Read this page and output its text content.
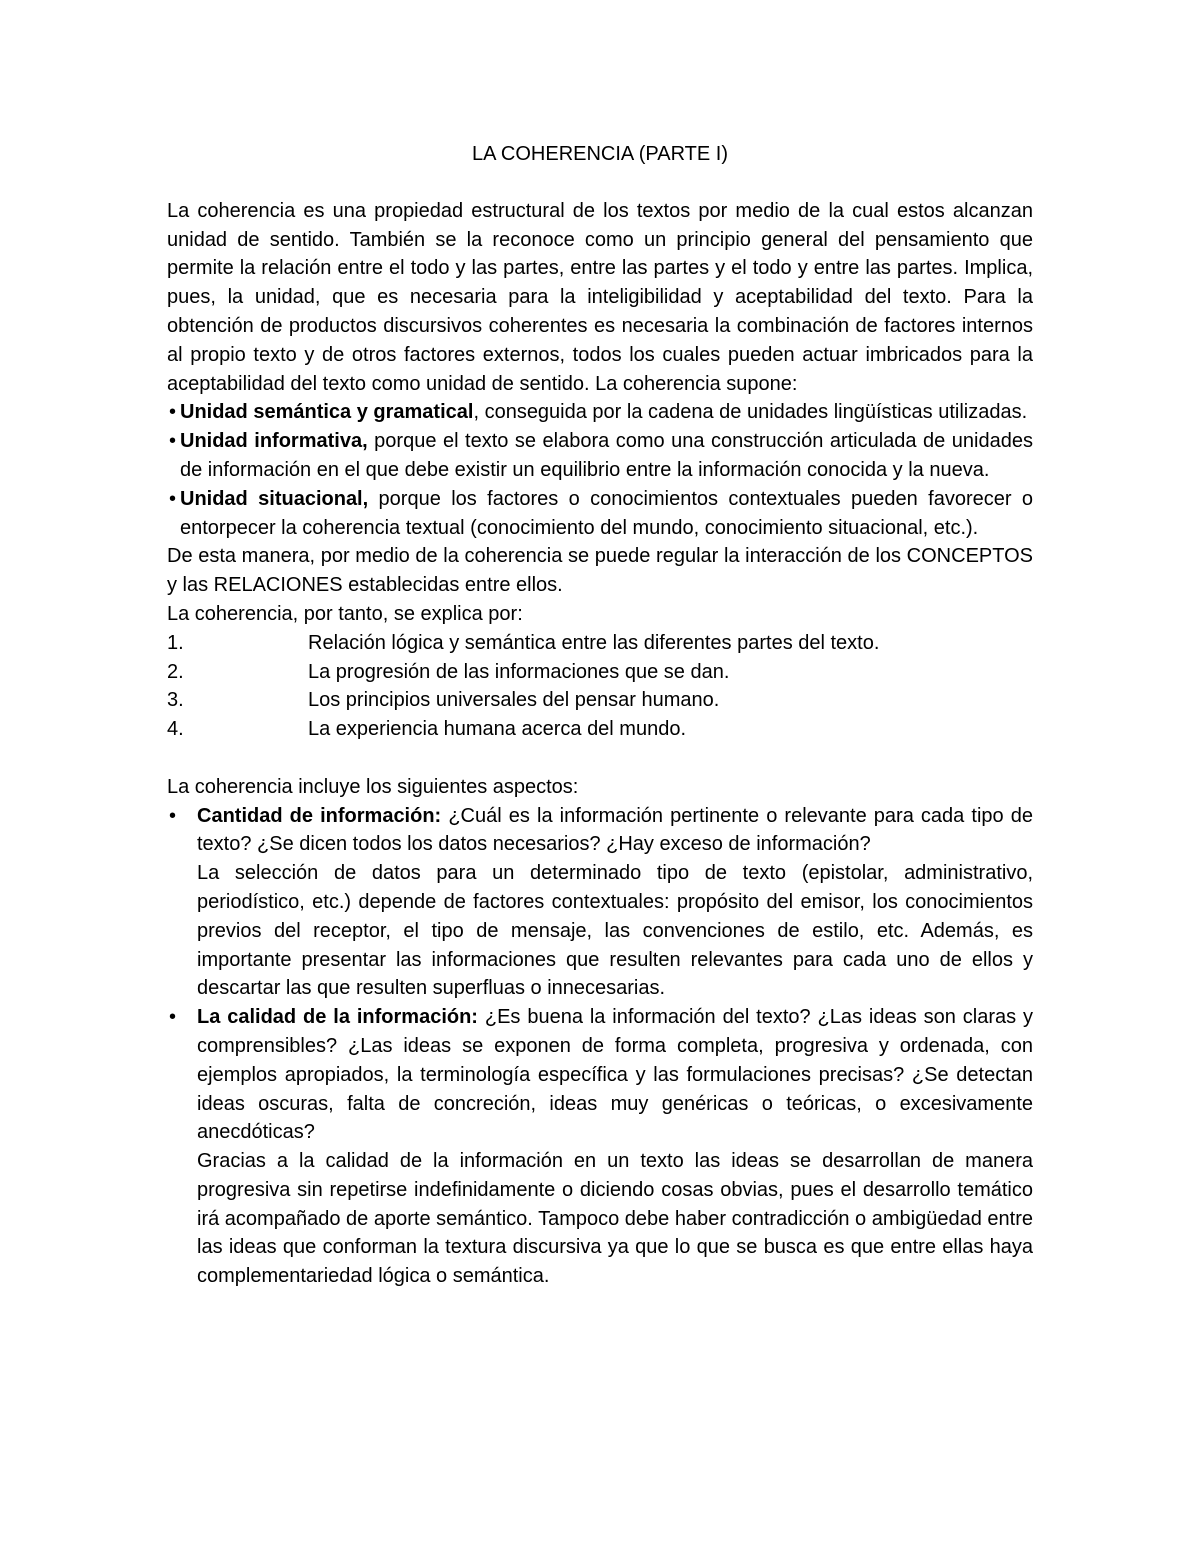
LA COHERENCIA (PARTE I)

La coherencia es una propiedad estructural de los textos por medio de la cual estos alcanzan unidad de sentido. También se la reconoce como un principio general del pensamiento que permite la relación entre el todo y las partes, entre las partes y el todo y entre las partes. Implica, pues, la unidad, que es necesaria para la inteligibilidad y aceptabilidad del texto. Para la obtención de productos discursivos coherentes es necesaria la combinación de factores internos al propio texto y de otros factores externos, todos los cuales pueden actuar imbricados para la aceptabilidad del texto como unidad de sentido. La coherencia supone:

• Unidad semántica y gramatical, conseguida por la cadena de unidades lingüísticas utilizadas.
• Unidad informativa, porque el texto se elabora como una construcción articulada de unidades de información en el que debe existir un equilibrio entre la información conocida y la nueva.
• Unidad situacional, porque los factores o conocimientos contextuales pueden favorecer o entorpecer la coherencia textual (conocimiento del mundo, conocimiento situacional, etc.).

De esta manera, por medio de la coherencia se puede regular la interacción de los CONCEPTOS y las RELACIONES establecidas entre ellos.

La coherencia, por tanto, se explica por:

1.	Relación lógica y semántica entre las diferentes partes del texto.
2.	La progresión de las informaciones que se dan.
3.	Los principios universales del pensar humano.
4.	La experiencia humana acerca del mundo.

La coherencia incluye los siguientes aspectos:

• Cantidad de información: ¿Cuál es la información pertinente o relevante para cada tipo de texto? ¿Se dicen todos los datos necesarios? ¿Hay exceso de información?

La selección de datos para un determinado tipo de texto (epistolar, administrativo, periodístico, etc.) depende de factores contextuales: propósito del emisor, los conocimientos previos del receptor, el tipo de mensaje, las convenciones de estilo, etc. Además, es importante presentar las informaciones que resulten relevantes para cada uno de ellos y descartar las que resulten superfluas o innecesarias.

• La calidad de la información: ¿Es buena la información del texto? ¿Las ideas son claras y comprensibles? ¿Las ideas se exponen de forma completa, progresiva y ordenada, con ejemplos apropiados, la terminología específica y las formulaciones precisas? ¿Se detectan ideas oscuras, falta de concreción, ideas muy genéricas o teóricas, o excesivamente anecdóticas?

Gracias a la calidad de la información en un texto las ideas se desarrollan de manera progresiva sin repetirse indefinidamente o diciendo cosas obvias, pues el desarrollo temático irá acompañado de aporte semántico. Tampoco debe haber contradicción o ambigüedad entre las ideas que conforman la textura discursiva ya que lo que se busca es que entre ellas haya complementariedad lógica o semántica.
